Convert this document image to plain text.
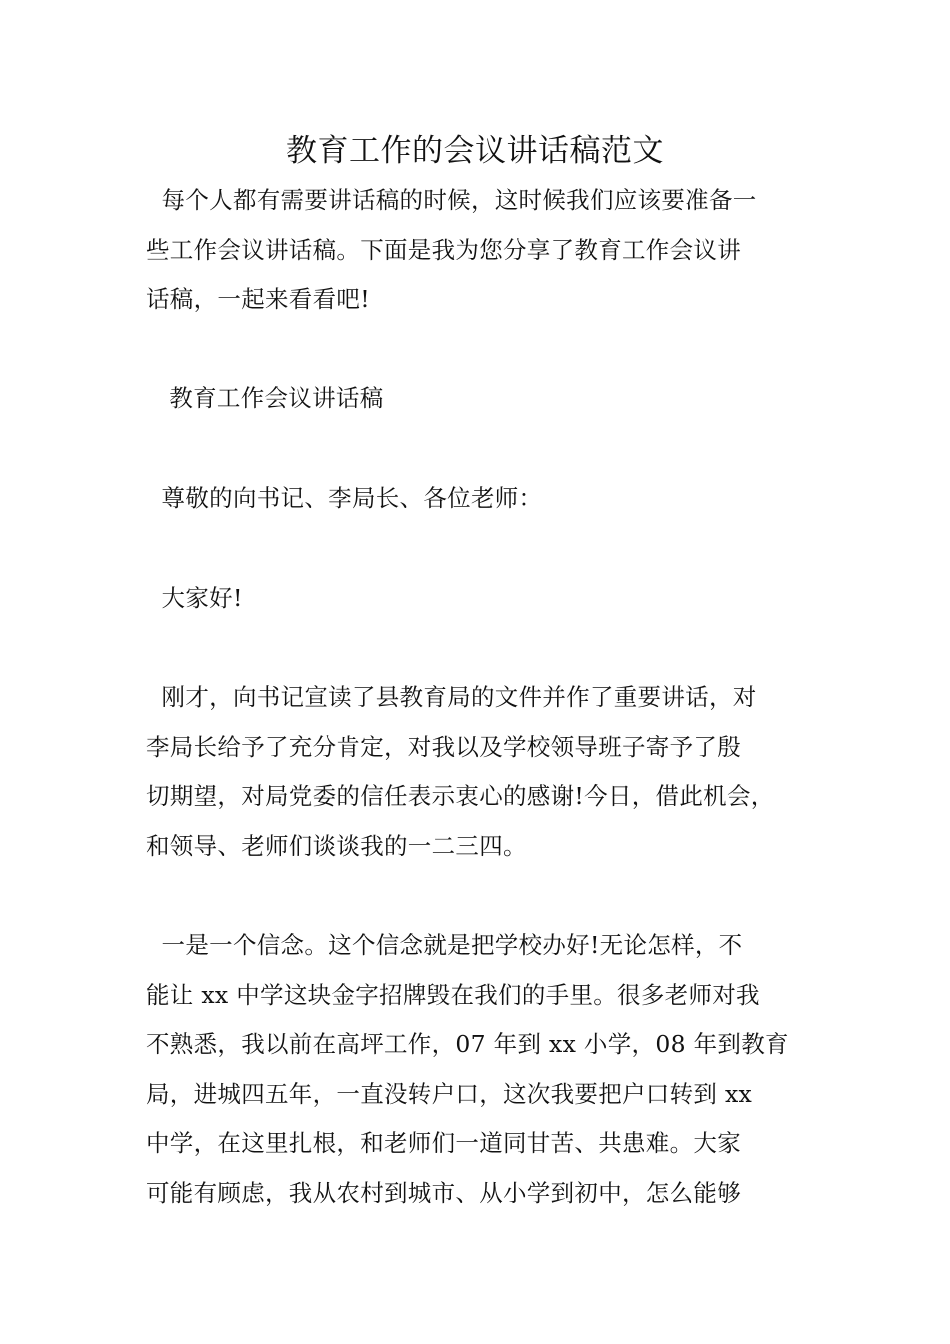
教育工作的会议讲话稿范文
每个人都有需要讲话稿的时候，这时候我们应该要准备一
些工作会议讲话稿。下面是我为您分享了教育工作会议讲
话稿，一起来看看吧!
教育工作会议讲话稿
尊敬的向书记、李局长、各位老师：
大家好!
刚才，向书记宣读了县教育局的文件并作了重要讲话，对
李局长给予了充分肯定，对我以及学校领导班子寄予了殷
切期望，对局党委的信任表示衷心的感谢!今日，借此机会，
和领导、老师们谈谈我的一二三四。
一是一个信念。这个信念就是把学校办好!无论怎样，不
能让 xx 中学这块金字招牌毁在我们的手里。很多老师对我
不熟悉，我以前在高坪工作，07 年到 xx 小学，08 年到教育
局，进城四五年，一直没转户口，这次我要把户口转到 xx
中学，在这里扎根，和老师们一道同甘苦、共患难。大家
可能有顾虑，我从农村到城市、从小学到初中，怎么能够
